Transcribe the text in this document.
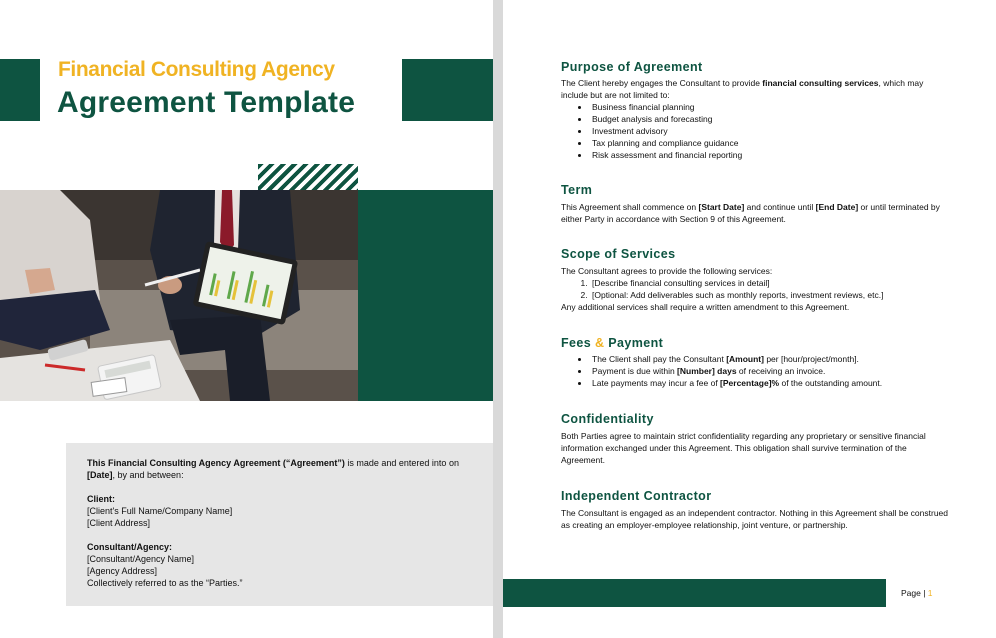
Financial Consulting Agency
Agreement Template

This Financial Consulting Agency Agreement (“Agreement”) is made and entered into on [Date], by and between:

Client:

[Client's Full Name/Company Name]

[Client Address]

Consultant/Agency:

[Consultant/Agency Name]

[Agency Address]

Collectively referred to as the “Parties.”

Purpose of Agreement

The Client hereby engages the Consultant to provide financial consulting services, which may include but are not limited to:

• Business financial planning
• Budget analysis and forecasting
• Investment advisory
• Tax planning and compliance guidance
• Risk assessment and financial reporting
Term

This Agreement shall commence on [Start Date] and continue until [End Date] or until terminated by either Party in accordance with Section 9 of this Agreement.

Scope of Services

The Consultant agrees to provide the following services:

1. [Describe financial consulting services in detail]
2. [Optional: Add deliverables such as monthly reports, investment reviews, etc.]

Any additional services shall require a written amendment to this Agreement.

Fees & Payment
• The Client shall pay the Consultant [Amount] per [hour/project/month].
• Payment is due within [Number] days of receiving an invoice.
• Late payments may incur a fee of [Percentage]% of the outstanding amount.
Confidentiality

Both Parties agree to maintain strict confidentiality regarding any proprietary or sensitive financial information exchanged under this Agreement. This obligation shall survive termination of the Agreement.

Independent Contractor

The Consultant is engaged as an independent contractor. Nothing in this Agreement shall be construed as creating an employer-employee relationship, joint venture, or partnership.

Page | 1
